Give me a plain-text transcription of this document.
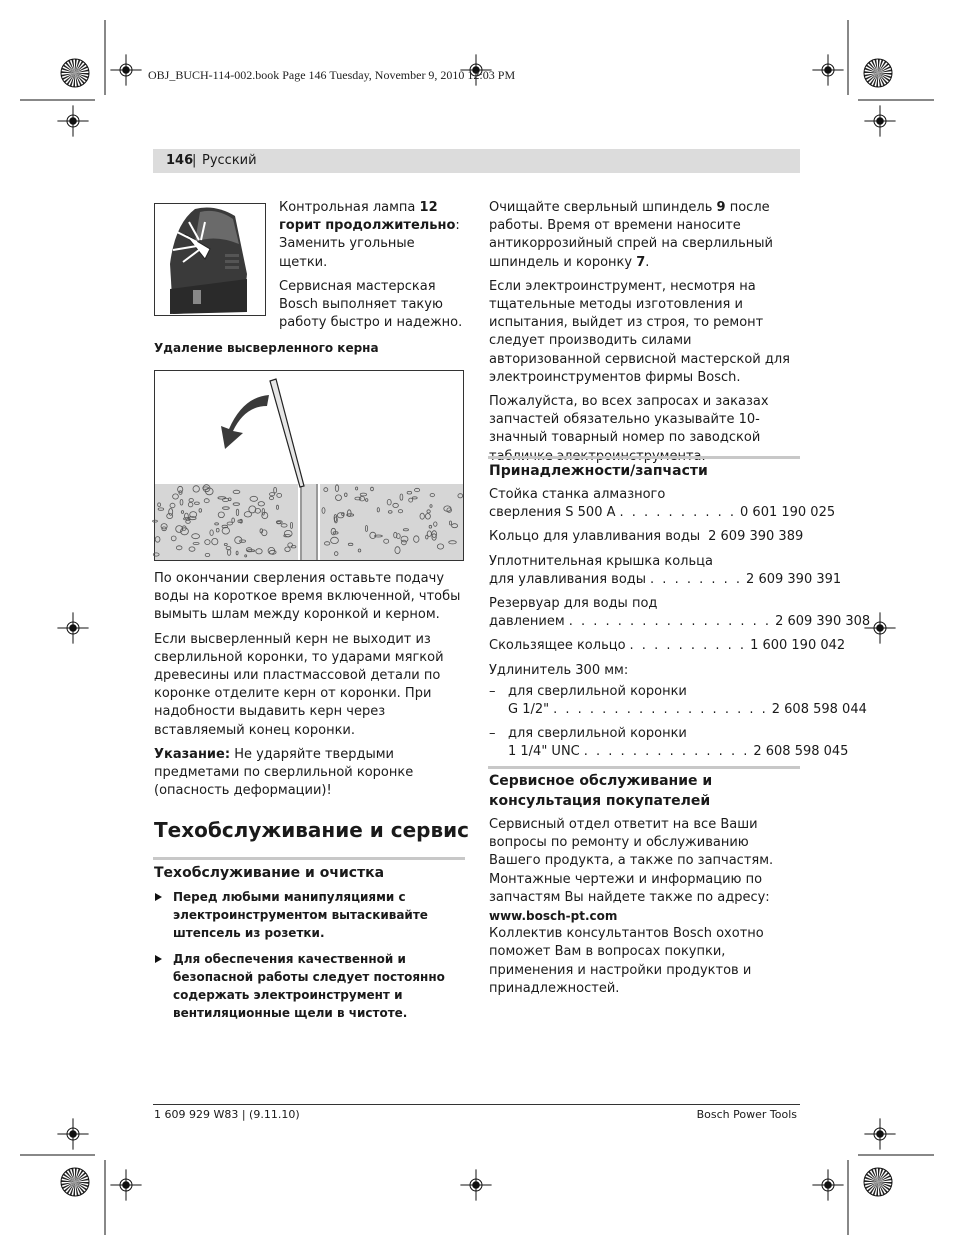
OBJ_BUCH-114-002.book Page 146 Tuesday, November 9, 2010 12:03 PM
146
| Русский

Контрольная лампа 12
горит продолжительно:
Заменить угольные щетки.

Сервисная мастерская Bosch выполняет такую работу быстро и надежно.

Удаление высверленного керна

По окончании сверления оставьте подачу воды на короткое время включенной, чтобы вымыть шлам между коронкой и керном.

Если высверленный керн не выходит из сверлильной коронки, то ударами мягкой древесины или пластмассовой детали по коронке отделите керн от коронки. При надобности выдавить керн через вставляемый конец коронки.

Указание: Не ударяйте твердыми предметами по сверлильной коронке (опасность деформации)!

Техобслуживание и сервис
Техобслуживание и очистка
Перед любыми манипуляциями с электроинструментом вытаскивайте штепсель из розетки.
Для обеспечения качественной и безопасной работы следует постоянно содержать электроинструмент и вентиляционные щели в чистоте.

Очищайте сверльный шпиндель 9 после работы. Время от времени наносите антикоррозийный спрей на сверлильный шпиндель и коронку 7.

Если электроинструмент, несмотря на тщательные методы изготовления и испытания, выйдет из строя, то ремонт следует производить силами авторизованной сервисной мастерской для электроинструментов фирмы Bosch.

Пожалуйста, во всех запросах и заказах запчастей обязательно указывайте 10-значный товарный номер по заводской

Принадлежности/запчасти
Стойка станка алмазного
сверления S 500 A . . . . . . . . . . 0 601 190 025
Кольцо для улавливания воды 2 609 390 389
Уплотнительная крышка кольца
для улавливания воды . . . . . . . . 2 609 390 391
Резервуар для воды под
давлением . . . . . . . . . . . . . . . . . 2 609 390 308
Скользящее кольцо . . . . . . . . . . 1 600 190 042
Удлинитель 300 мм:
– для сверлильной коронки
G 1/2" . . . . . . . . . . . . . . . . . . 2 608 598 044
– для сверлильной коронки
1 1/4" UNC . . . . . . . . . . . . . . 2 608 598 045
Сервисное обслуживание и консультация покупателей
Сервисный отдел ответит на все Ваши вопросы по ремонту и обслуживанию Вашего продукта, а также по запчастям. Монтажные чертежи и информацию по запчастям Вы найдете также по адресу:
www.bosch-pt.com
Коллектив консультантов Bosch охотно поможет Вам в вопросах покупки, применения и настройки продуктов и принадлежностей.
1 609 929 W83 | (9.11.10)	Bosch Power Tools
